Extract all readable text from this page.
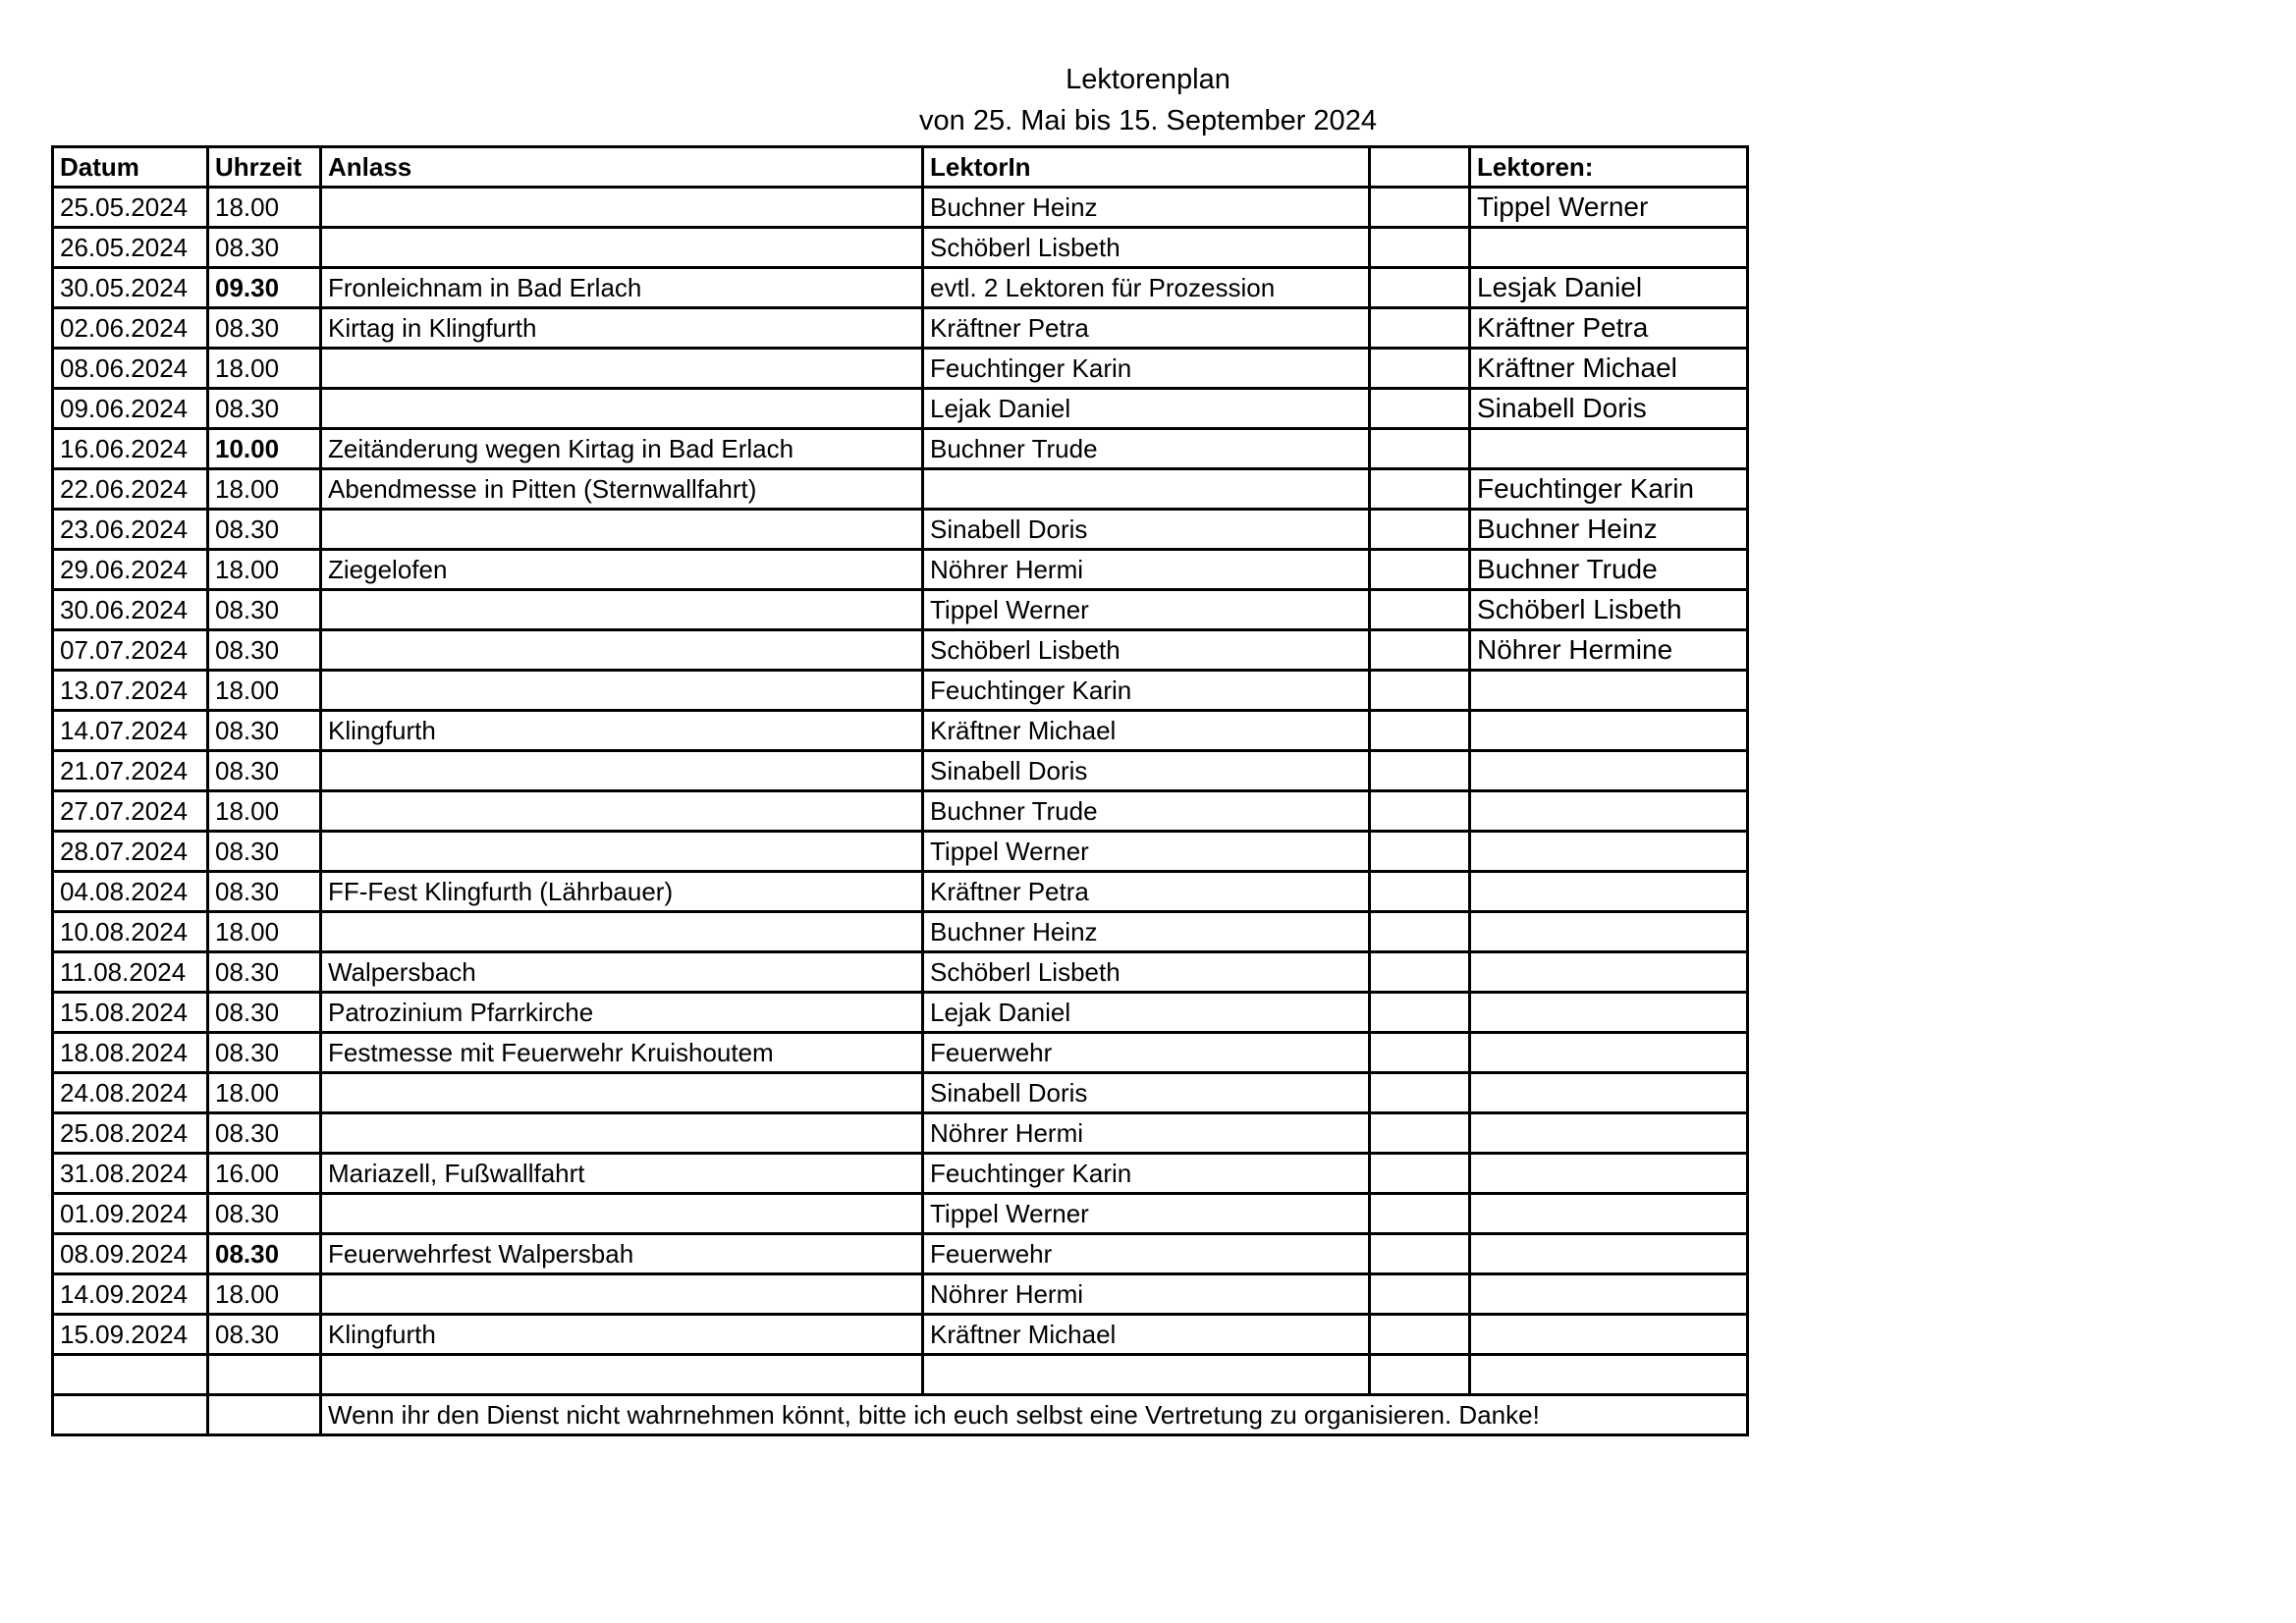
Lektorenplan
von 25. Mai bis 15. September 2024
Datum	Uhrzeit	Anlass	LektorIn		Lektoren:
25.05.2024	18.00		Buchner Heinz		Tippel Werner
26.05.2024	08.30		Schöberl Lisbeth		
30.05.2024	09.30	Fronleichnam in Bad Erlach	evtl. 2 Lektoren für Prozession		Lesjak Daniel
02.06.2024	08.30	Kirtag in Klingfurth	Kräftner Petra		Kräftner Petra
08.06.2024	18.00		Feuchtinger Karin		Kräftner Michael
09.06.2024	08.30		Lejak Daniel		Sinabell Doris
16.06.2024	10.00	Zeitänderung wegen Kirtag in Bad Erlach	Buchner Trude		
22.06.2024	18.00	Abendmesse in Pitten (Sternwallfahrt)			Feuchtinger Karin
23.06.2024	08.30		Sinabell Doris		Buchner Heinz
29.06.2024	18.00	Ziegelofen	Nöhrer Hermi		Buchner Trude
30.06.2024	08.30		Tippel Werner		Schöberl Lisbeth
07.07.2024	08.30		Schöberl Lisbeth		Nöhrer Hermine
13.07.2024	18.00		Feuchtinger Karin		
14.07.2024	08.30	Klingfurth	Kräftner Michael		
21.07.2024	08.30		Sinabell Doris		
27.07.2024	18.00		Buchner Trude		
28.07.2024	08.30		Tippel Werner		
04.08.2024	08.30	FF-Fest Klingfurth (Lährbauer)	Kräftner Petra		
10.08.2024	18.00		Buchner Heinz		
11.08.2024	08.30	Walpersbach	Schöberl Lisbeth		
15.08.2024	08.30	Patrozinium Pfarrkirche	Lejak Daniel		
18.08.2024	08.30	Festmesse mit Feuerwehr Kruishoutem	Feuerwehr		
24.08.2024	18.00		Sinabell Doris		
25.08.2024	08.30		Nöhrer Hermi		
31.08.2024	16.00	Mariazell, Fußwallfahrt	Feuchtinger Karin		
01.09.2024	08.30		Tippel Werner		
08.09.2024	08.30	Feuerwehrfest Walpersbah	Feuerwehr		
14.09.2024	18.00		Nöhrer Hermi		
15.09.2024	08.30	Klingfurth	Kräftner Michael		

		Wenn ihr den Dienst nicht wahrnehmen könnt, bitte ich euch selbst eine Vertretung zu organisieren. Danke!			
